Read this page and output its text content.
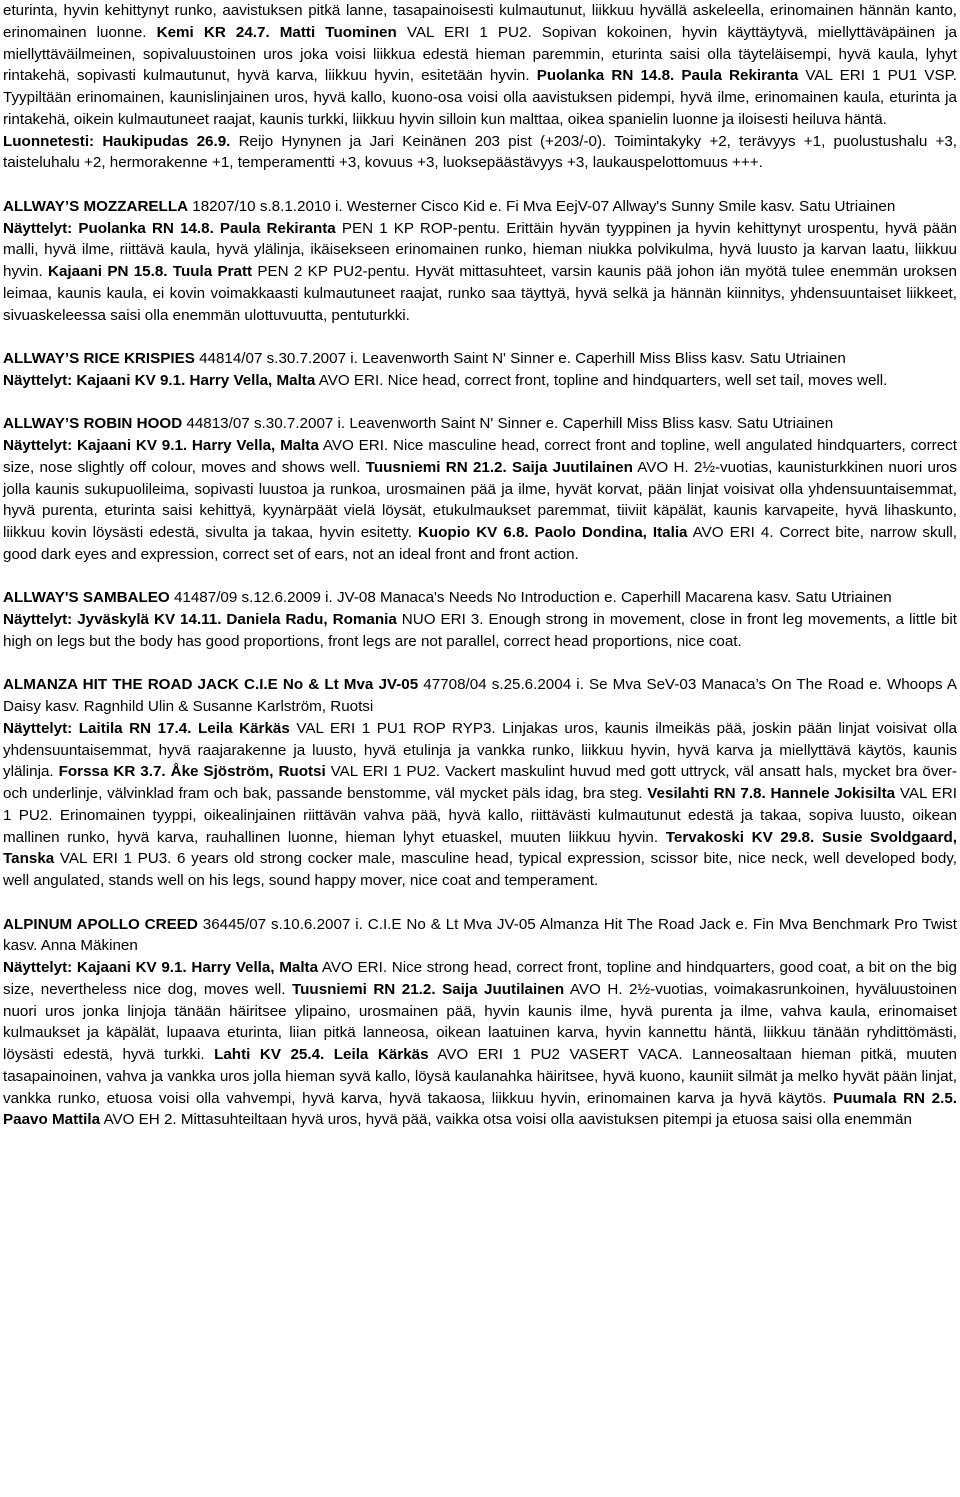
eturinta, hyvin kehittynyt runko, aavistuksen pitkä lanne, tasapainoisesti kulmautunut, liikkuu hyvällä askeleella, erinomainen hännän kanto, erinomainen luonne. Kemi KR 24.7. Matti Tuominen VAL ERI 1 PU2. Sopivan kokoinen, hyvin käyttäytyvä, miellyttäväpäinen ja miellyttäväilmeinen, sopivaluustoinen uros joka voisi liikkua edestä hieman paremmin, eturinta saisi olla täyteläisempi, hyvä kaula, lyhyt rintakehä, sopivasti kulmautunut, hyvä karva, liikkuu hyvin, esitetään hyvin. Puolanka RN 14.8. Paula Rekiranta VAL ERI 1 PU1 VSP. Tyypiltään erinomainen, kaunislinjainen uros, hyvä kallo, kuono-osa voisi olla aavistuksen pidempi, hyvä ilme, erinomainen kaula, eturinta ja rintakehä, oikein kulmautuneet raajat, kaunis turkki, liikkuu hyvin silloin kun malttaa, oikea spanielin luonne ja iloisesti heiluva häntä.

Luonnetesti: Haukipudas 26.9. Reijo Hynynen ja Jari Keinänen 203 pist (+203/-0). Toimintakyky +2, terävyys +1, puolustushalu +3, taisteluhalu +2, hermorakenne +1, temperamentti +3, kovuus +3, luoksepäästävyys +3, laukauspelottomuus +++.

ALLWAY’S MOZZARELLA 18207/10 s.8.1.2010 i. Westerner Cisco Kid e. Fi Mva EejV-07 Allway's Sunny Smile kasv. Satu Utriainen

Näyttelyt: Puolanka RN 14.8. Paula Rekiranta PEN 1 KP ROP-pentu. Erittäin hyvän tyyppinen ja hyvin kehittynyt urospentu, hyvä pään malli, hyvä ilme, riittävä kaula, hyvä ylälinja, ikäisekseen erinomainen runko, hieman niukka polvikulma, hyvä luusto ja karvan laatu, liikkuu hyvin. Kajaani PN 15.8. Tuula Pratt PEN 2 KP PU2-pentu. Hyvät mittasuhteet, varsin kaunis pää johon iän myötä tulee enemmän uroksen leimaa, kaunis kaula, ei kovin voimakkaasti kulmautuneet raajat, runko saa täyttyä, hyvä selkä ja hännän kiinnitys, yhdensuuntaiset liikkeet, sivuaskeleessa saisi olla enemmän ulottuvuutta, pentuturkki.

ALLWAY’S RICE KRISPIES 44814/07 s.30.7.2007 i. Leavenworth Saint N' Sinner e. Caperhill Miss Bliss kasv. Satu Utriainen

Näyttelyt: Kajaani KV 9.1. Harry Vella, Malta AVO ERI. Nice head, correct front, topline and hindquarters, well set tail, moves well.

ALLWAY’S ROBIN HOOD 44813/07 s.30.7.2007 i. Leavenworth Saint N' Sinner e. Caperhill Miss Bliss kasv. Satu Utriainen

Näyttelyt: Kajaani KV 9.1. Harry Vella, Malta AVO ERI. Nice masculine head, correct front and topline, well angulated hindquarters, correct size, nose slightly off colour, moves and shows well. Tuusniemi RN 21.2. Saija Juutilainen AVO H. 2½-vuotias, kaunisturkkinen nuori uros jolla kaunis sukupuolileima, sopivasti luustoa ja runkoa, urosmainen pää ja ilme, hyvät korvat, pään linjat voisivat olla yhdensuuntaisemmat, hyvä purenta, eturinta saisi kehittyä, kyynärpäät vielä löysät, etukulmaukset paremmat, tiiviit käpälät, kaunis karvapeite, hyvä lihaskunto, liikkuu kovin löysästi edestä, sivulta ja takaa, hyvin esitetty. Kuopio KV 6.8. Paolo Dondina, Italia AVO ERI 4. Correct bite, narrow skull, good dark eyes and expression, correct set of ears, not an ideal front and front action.

ALLWAY'S SAMBALEO 41487/09 s.12.6.2009 i. JV-08 Manaca's Needs No Introduction e. Caperhill Macarena kasv. Satu Utriainen

Näyttelyt: Jyväskylä KV 14.11. Daniela Radu, Romania NUO ERI 3. Enough strong in movement, close in front leg movements, a little bit high on legs but the body has good proportions, front legs are not parallel, correct head proportions, nice coat.

ALMANZA HIT THE ROAD JACK C.I.E No & Lt Mva JV-05 47708/04 s.25.6.2004 i. Se Mva SeV-03 Manaca’s On The Road e. Whoops A Daisy kasv. Ragnhild Ulin & Susanne Karlström, Ruotsi

Näyttelyt: Laitila RN 17.4. Leila Kärkäs VAL ERI 1 PU1 ROP RYP3. Linjakas uros, kaunis ilmeikäs pää, joskin pään linjat voisivat olla yhdensuuntaisemmat, hyvä raajarakenne ja luusto, hyvä etulinja ja vankka runko, liikkuu hyvin, hyvä karva ja miellyttävä käytös, kaunis ylälinja. Forssa KR 3.7. Åke Sjöström, Ruotsi VAL ERI 1 PU2. Vackert maskulint huvud med gott uttryck, väl ansatt hals, mycket bra över- och underlinje, välvinklad fram och bak, passande benstomme, väl mycket päls idag, bra steg. Vesilahti RN 7.8. Hannele Jokisilta VAL ERI 1 PU2. Erinomainen tyyppi, oikealinjainen riittävän vahva pää, hyvä kallo, riittävästi kulmautunut edestä ja takaa, sopiva luusto, oikean mallinen runko, hyvä karva, rauhallinen luonne, hieman lyhyt etuaskel, muuten liikkuu hyvin. Tervakoski KV 29.8. Susie Svoldgaard, Tanska VAL ERI 1 PU3. 6 years old strong cocker male, masculine head, typical expression, scissor bite, nice neck, well developed body, well angulated, stands well on his legs, sound happy mover, nice coat and temperament.

ALPINUM APOLLO CREED 36445/07 s.10.6.2007 i. C.I.E No & Lt Mva JV-05 Almanza Hit The Road Jack e. Fin Mva Benchmark Pro Twist kasv. Anna Mäkinen

Näyttelyt: Kajaani KV 9.1. Harry Vella, Malta AVO ERI. Nice strong head, correct front, topline and hindquarters, good coat, a bit on the big size, nevertheless nice dog, moves well. Tuusniemi RN 21.2. Saija Juutilainen AVO H. 2½-vuotias, voimakasrunkoinen, hyväluustoinen nuori uros jonka linjoja tänään häiritsee ylipaino, urosmainen pää, hyvin kaunis ilme, hyvä purenta ja ilme, vahva kaula, erinomaiset kulmaukset ja käpälät, lupaava eturinta, liian pitkä lanneosa, oikean laatuinen karva, hyvin kannettu häntä, liikkuu tänään ryhdittömästi, löysästi edestä, hyvä turkki. Lahti KV 25.4. Leila Kärkäs AVO ERI 1 PU2 VASERT VACA. Lanneosaltaan hieman pitkä, muuten tasapainoinen, vahva ja vankka uros jolla hieman syvä kallo, löysä kaulanahka häiritsee, hyvä kuono, kauniit silmät ja melko hyvät pään linjat, vankka runko, etuosa voisi olla vahvempi, hyvä karva, hyvä takaosa, liikkuu hyvin, erinomainen karva ja hyvä käytös. Puumala RN 2.5. Paavo Mattila AVO EH 2. Mittasuhteiltaan hyvä uros, hyvä pää, vaikka otsa voisi olla aavistuksen pitempi ja etuosa saisi olla enemmän
